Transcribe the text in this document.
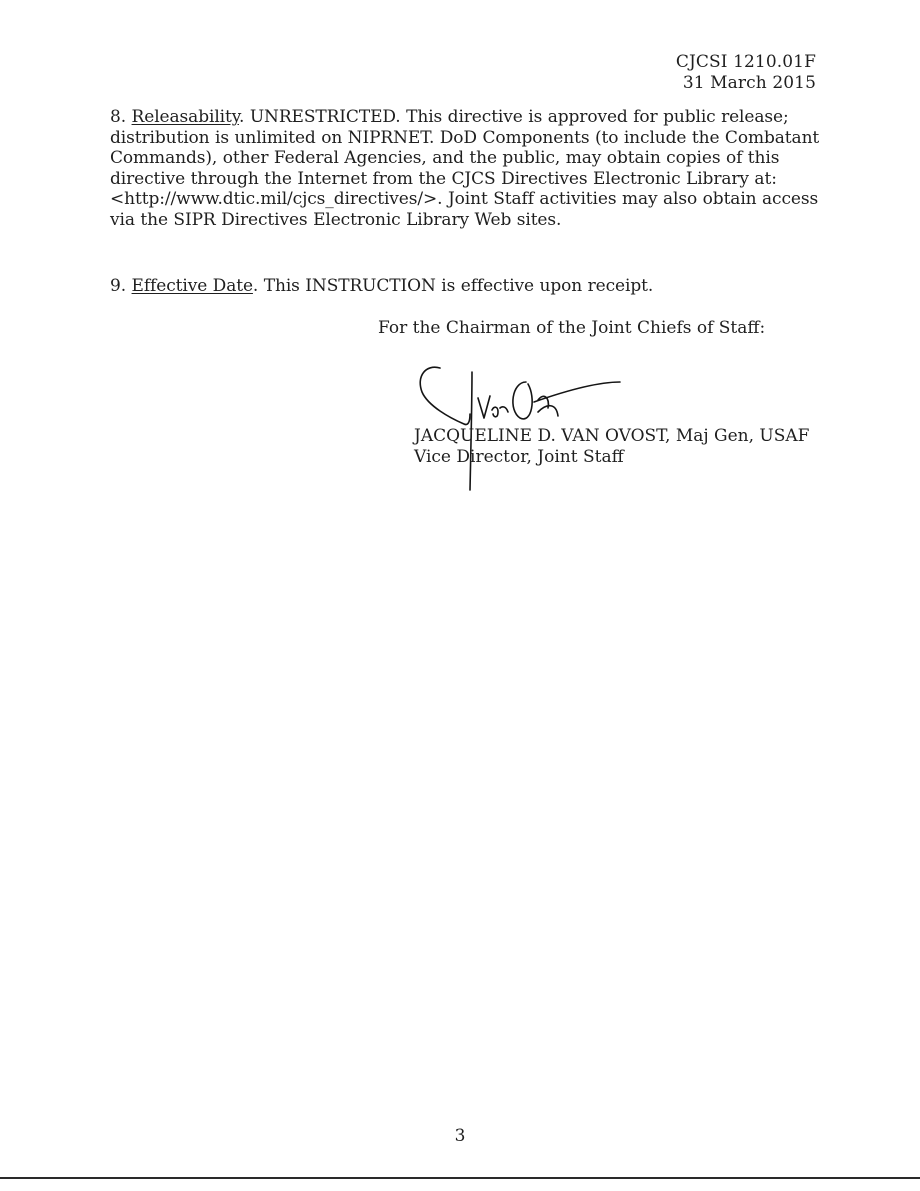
CJCSI 1210.01F
31 March 2015
8. Releasability. UNRESTRICTED. This directive is approved for public release; distribution is unlimited on NIPRNET. DoD Components (to include the Combatant Commands), other Federal Agencies, and the public, may obtain copies of this directive through the Internet from the CJCS Directives Electronic Library at: <http://www.dtic.mil/cjcs_directives/>. Joint Staff activities may also obtain access via the SIPR Directives Electronic Library Web sites.
9. Effective Date. This INSTRUCTION is effective upon receipt.
For the Chairman of the Joint Chiefs of Staff:
JACQUELINE D. VAN OVOST, Maj Gen, USAF
Vice Director, Joint Staff
3
